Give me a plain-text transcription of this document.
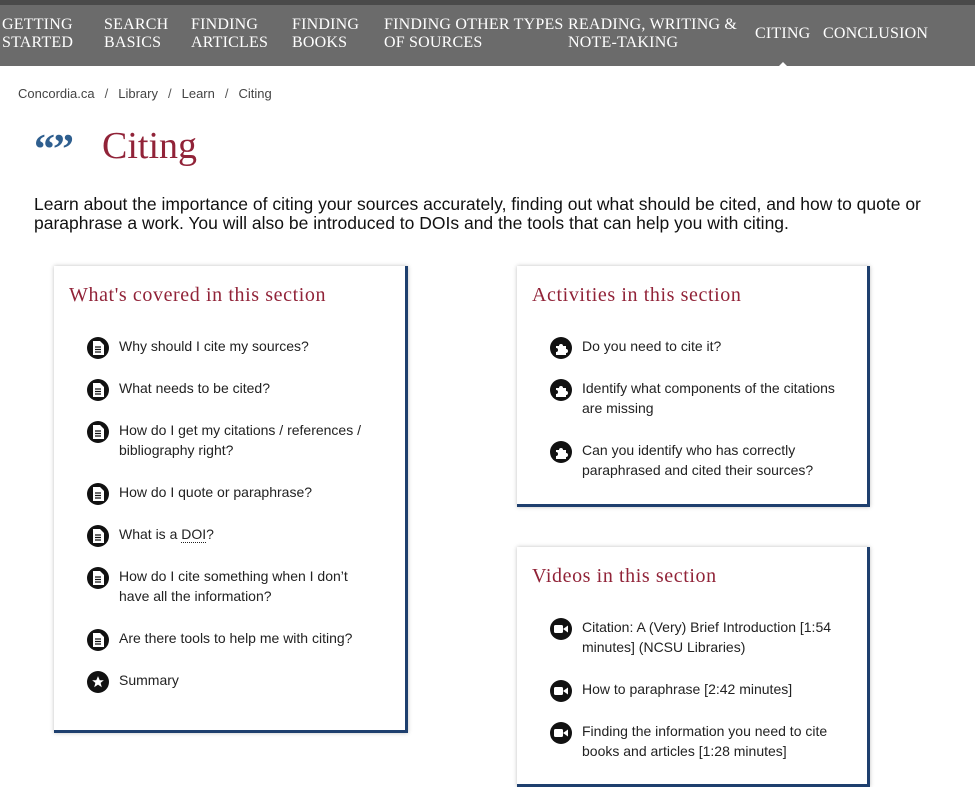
GETTING
STARTED
SEARCH
BASICS
FINDING
ARTICLES
FINDING
BOOKS
FINDING OTHER TYPES
OF SOURCES
READING, WRITING &
NOTE-TAKING
CITING CONCLUSION
Concordia.ca / Library / Learn / Citing
“” Citing

Learn about the importance of citing your sources accurately, finding out what should be cited, and how to quote or paraphrase a work. You will also be introduced to DOIs and the tools that can help you with citing.

What's covered in this section
Why should I cite my sources?
What needs to be cited?
How do I get my citations / references / bibliography right?
How do I quote or paraphrase?
What is a DOI?
How do I cite something when I don’t have all the information?
Are there tools to help me with citing?
Summary
Activities in this section
Do you need to cite it?
Identify what components of the citations are missing
Can you identify who has correctly paraphrased and cited their sources?
Videos in this section
Citation: A (Very) Brief Introduction [1:54 minutes] (NCSU Libraries)
How to paraphrase [2:42 minutes]
Finding the information you need to cite books and articles [1:28 minutes]
